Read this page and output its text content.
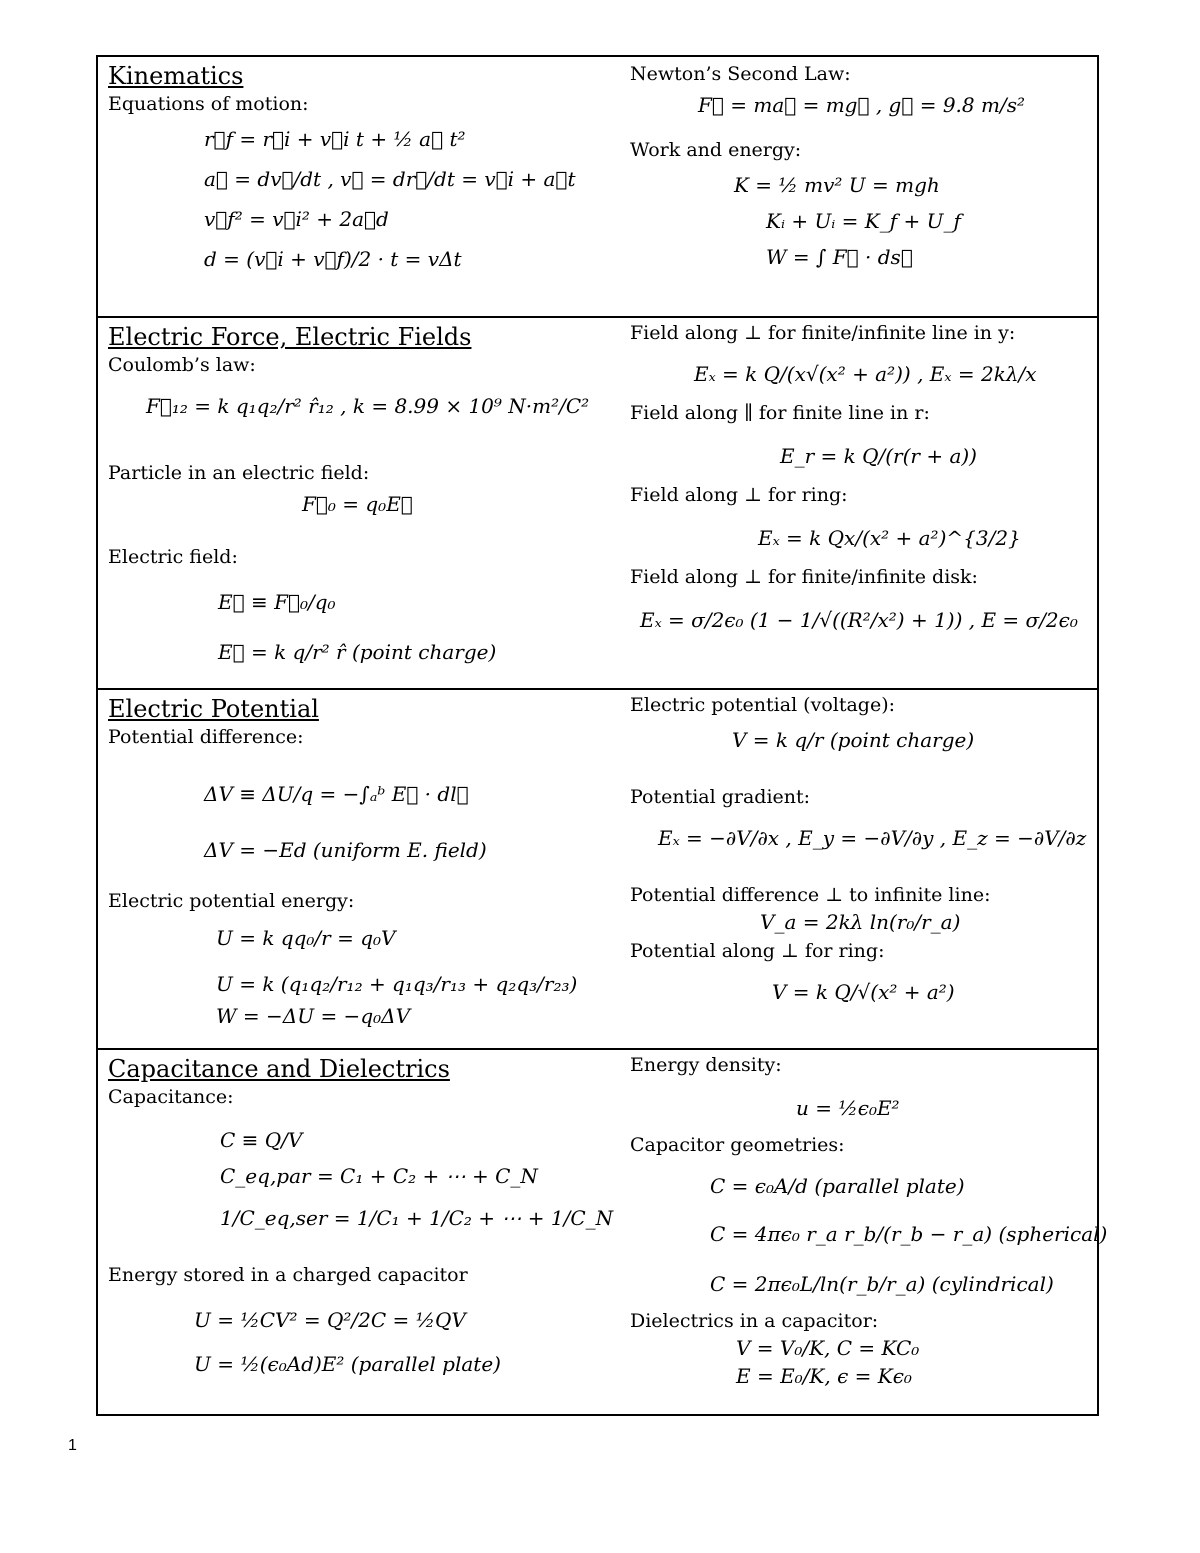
Kinematics
Equations of motion:
r⃗f = r⃗i + v⃗i t + ½ a⃗ t²
a⃗ = dv⃗/dt , v⃗ = dr⃗/dt = v⃗i + a⃗t
v⃗f² = v⃗i² + 2a⃗d
d = (v⃗i + v⃗f)/2 · t = vΔt
Newton’s Second Law:
F⃗ = ma⃗ = mg⃗ , g⃗ = 9.8 m/s²
Work and energy:
K = ½ mv² U = mgh
Kᵢ + Uᵢ = K_f + U_f
W = ∫ F⃗ · ds⃗
Electric Force, Electric Fields
Coulomb’s law:
F⃗₁₂ = k q₁q₂/r² r̂₁₂ , k = 8.99 × 10⁹ N·m²/C²
Particle in an electric field:
F⃗₀ = q₀E⃗
Electric field:
E⃗ ≡ F⃗₀/q₀
E⃗ = k q/r² r̂ (point charge)
Field along ⊥ for finite/infinite line in y:
Eₓ = k Q/(x√(x² + a²)) , Eₓ = 2kλ/x
Field along ∥ for finite line in r:
E_r = k Q/(r(r + a))
Field along ⊥ for ring:
Eₓ = k Qx/(x² + a²)^{3/2}
Field along ⊥ for finite/infinite disk:
Eₓ = σ/2ϵ₀ (1 − 1/√((R²/x²) + 1)) , E = σ/2ϵ₀
Electric Potential
Potential difference:
ΔV ≡ ΔU/q = −∫ₐᵇ E⃗ · dl⃗
ΔV = −Ed (uniform E. field)
Electric potential energy:
U = k qq₀/r = q₀V
U = k (q₁q₂/r₁₂ + q₁q₃/r₁₃ + q₂q₃/r₂₃)
W = −ΔU = −q₀ΔV
Electric potential (voltage):
V = k q/r (point charge)
Potential gradient:
Eₓ = −∂V/∂x , E_y = −∂V/∂y , E_z = −∂V/∂z
Potential difference ⊥ to infinite line:
V_a = 2kλ ln(r₀/r_a)
Potential along ⊥ for ring:
V = k Q/√(x² + a²)
Capacitance and Dielectrics
Capacitance:
C ≡ Q/V
C_eq,par = C₁ + C₂ + ⋯ + C_N
1/C_eq,ser = 1/C₁ + 1/C₂ + ⋯ + 1/C_N
Energy stored in a charged capacitor
U = ½CV² = Q²/2C = ½QV
U = ½(ϵ₀Ad)E² (parallel plate)
Energy density:
u = ½ϵ₀E²
Capacitor geometries:
C = ϵ₀A/d (parallel plate)
C = 4πϵ₀ r_a r_b/(r_b − r_a) (spherical)
C = 2πϵ₀L/ln(r_b/r_a) (cylindrical)
Dielectrics in a capacitor:
V = V₀/K, C = KC₀
E = E₀/K, ϵ = Kϵ₀
1
